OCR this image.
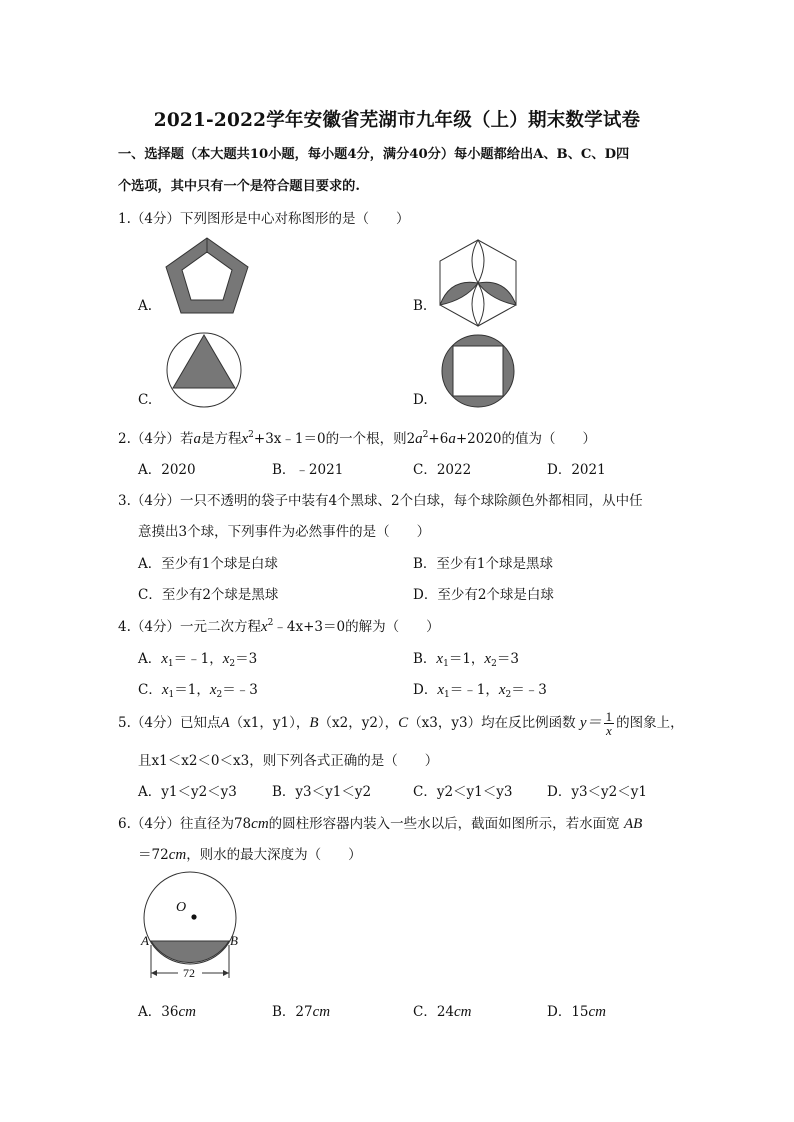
2021-2022学年安徽省芜湖市九年级（上）期末数学试卷
一、选择题（本大题共10小题，每小题4分，满分40分）每小题都给出A、B、C、D四
个选项，其中只有一个是符合题目要求的.
1.（4分）下列图形是中心对称图形的是（　　）
A.	B.
C.	D.
2.（4分）若a是方程$x^2+3x﹣1=0$的一个根，则$2a^2+6a+2020$的值为（　　）
A．2020	B．﹣2021	C．2022	D．2021
3.（4分）一只不透明的袋子中装有4个黑球、2个白球，每个球除颜色外都相同，从中任
意摸出3个球，下列事件为必然事件的是（　　）
A．至少有1个球是白球	B．至少有1个球是黑球
C．至少有2个球是黑球	D．至少有2个球是白球
4.（4分）一元二次方程$x^2﹣4x+3=0$的解为（　　）
A．$x_1=﹣1$，$x_2=3$	B．$x_1=1$，$x_2=3$
C．$x_1=1$，$x_2=﹣3$	D．$x_1=﹣1$，$x_2=﹣3$
5.（4分）已知点A（x1，y1），B（x2，y2），C（x3，y3）均在反比例函数 $y= \frac{1}{x}$ 的图象上，
且x1＜x2＜0＜x3，则下列各式正确的是（　　）
A．y1＜y2＜y3	B．y3＜y1＜y2	C．y2＜y1＜y3	D．y3＜y2＜y1
6.（4分）往直径为78cm的圆柱形容器内装入一些水以后，截面如图所示，若水面宽 AB
＝72cm，则水的最大深度为（　　）
O
A	B
72
A．36cm	B．27cm	C．24cm	D．15cm
